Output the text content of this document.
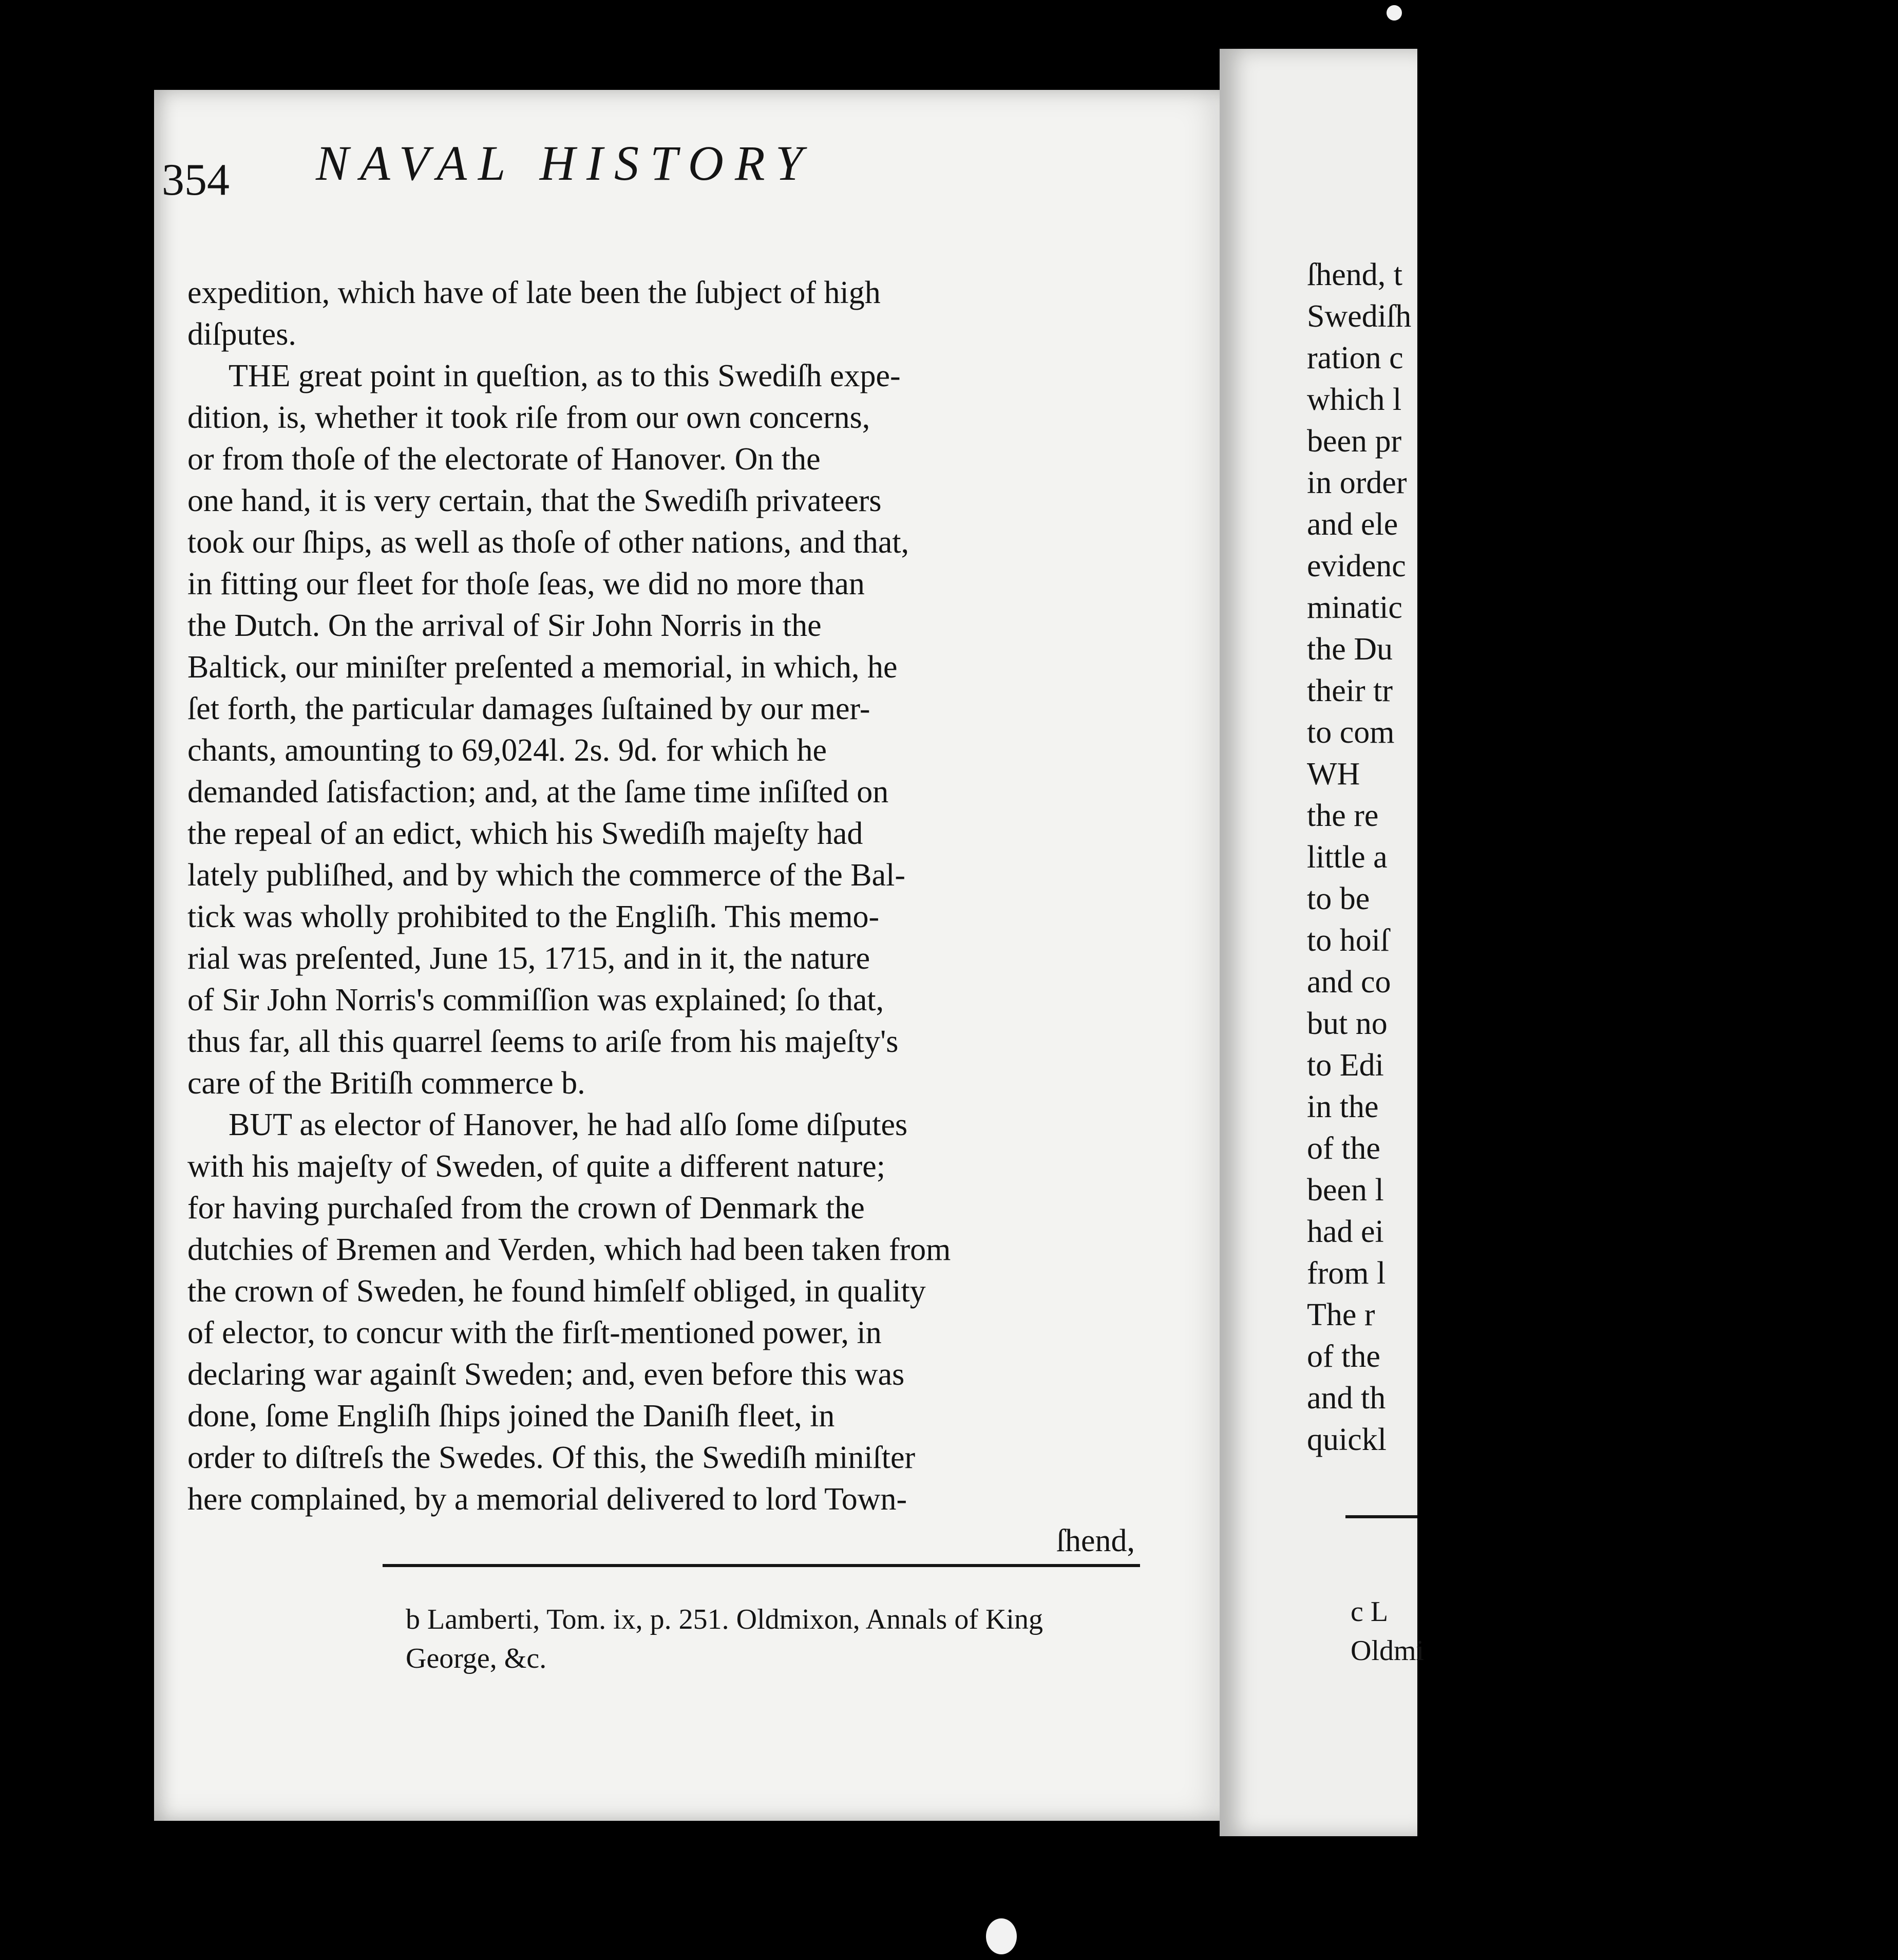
354 NAVAL HISTORY
expedition, which have of late been the ſubject of high
diſputes.
THE great point in queſtion, as to this Swediſh expe-
dition, is, whether it took riſe from our own concerns,
or from thoſe of the electorate of Hanover. On the
one hand, it is very certain, that the Swediſh privateers
took our ſhips, as well as thoſe of other nations, and that,
in fitting our fleet for thoſe ſeas, we did no more than
the Dutch. On the arrival of Sir John Norris in the
Baltick, our miniſter preſented a memorial, in which, he
ſet forth, the particular damages ſuſtained by our mer-
chants, amounting to 69,024l. 2s. 9d. for which he
demanded ſatisfaction; and, at the ſame time inſiſted on
the repeal of an edict, which his Swediſh majeſty had
lately publiſhed, and by which the commerce of the Bal-
tick was wholly prohibited to the Engliſh. This memo-
rial was preſented, June 15, 1715, and in it, the nature
of Sir John Norris's commiſſion was explained; ſo that,
thus far, all this quarrel ſeems to ariſe from his majeſty's
care of the Britiſh commerce b.
BUT as elector of Hanover, he had alſo ſome diſputes
with his majeſty of Sweden, of quite a different nature;
for having purchaſed from the crown of Denmark the
dutchies of Bremen and Verden, which had been taken from
the crown of Sweden, he found himſelf obliged, in quality
of elector, to concur with the firſt-mentioned power, in
declaring war againſt Sweden; and, even before this was
done, ſome Engliſh ſhips joined the Daniſh fleet, in
order to diſtreſs the Swedes. Of this, the Swediſh miniſter
here complained, by a memorial delivered to lord Town-
ſhend,
b Lamberti, Tom. ix, p. 251. Oldmixon, Annals of King
George, &c.
ſhend, t
Swediſh
ration c
which l
been pr
in order
and ele
evidenc
minatic
the Du
their tr
to com
WH
the re
little a
to be
to hoiſ
and co
but no
to Edi
in the
of the
been l
had ei
from l
The r
of the
and th
quickl
c L
Oldmi
